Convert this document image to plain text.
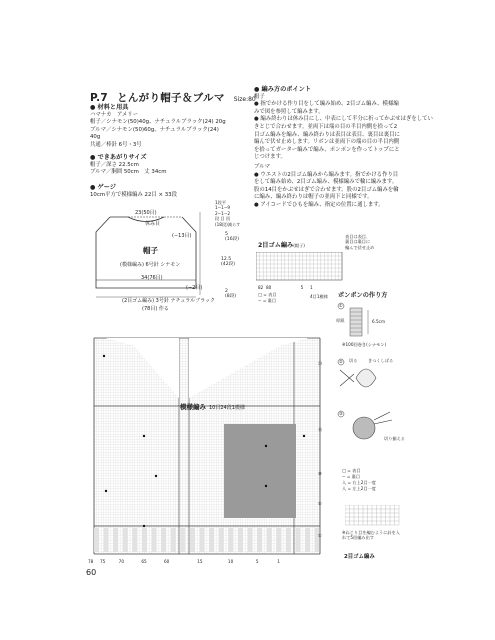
P.7 とんがり帽子＆ブルマ Size:80
● 材料と用具
ハマナカ　アメリー
帽子／シナモン(50)40g、ナチュラルブラック(24) 20g
ブルマ／シナモン(50)60g、ナチュラルブラック(24)
40g
共通／棒針 6号・3号
● できあがりサイズ
帽子／深さ 22.5cm
ブルマ／胴囲 50cm　丈 34cm
● ゲージ
10cm平方で模様編み 22目 × 33段
● 編み方のポイント
帽子
● 指でかける作り目をして編み始め、2目ゴム編み、模様編
みで図を参照して編みます。
● 編み終わりは休み目にし、中表にして半分に折ってかぶせはぎをしてい
きとじで合わせます。並両下は端の目の半目内側を拾って2
目ゴム編みを編み、編み終わりは表目は表目、裏目は裏目に
編んで伏せ止めします。リボンは並両下の端の目の半目内側
を拾ってガーター編みで編み、ポンポンを作ってトップにと
じつけます。
ブルマ
● ウエストの2目ゴム編みから編みます。指でかける作り目
をして編み始め、2目ゴム編み、模様編みで輪に編みます。
股の14目をかぶせはぎで合わせます。股の2目ゴム編みを輪
に編み、編み終わりは帽子の並両下と同様です。
● アイコードでひもを編み、指定の位置に通します。
23(50目)
休み目
(−13目)
帽子
(模様編み) 6号針 シナモン
34(76目)
(−2目)
(2目ゴム編み) 3号針 ナチュラルブラック
(78目) 作る
1段平
1−1−9
2−1−2
段 目 回
(18段)減らす
5
(16段)
12.5
(42段)
2
(8段)
2目ゴム編み(帽子)
表目は表目、
裏目は裏目に
編んで伏せ止め
82 80	5 1
□ = 表目
− = 裏目
4目1模様 ポンポンの作り方
①
②
③
厚紙	6.5cm
※100回巻き(シナモン)
切る	きつくしばる
切り揃える
模様編み 10目24段1模様
78 75	70	65	60	15	10	5	1
⑳
⑮
⑩
⑤
①
□ = 表目
− = 裏目
入 = 右上2目一度
人 = 左上2目一度
※ねじり目を編むように針を入れて5回編み出す
2目ゴム編み
60
